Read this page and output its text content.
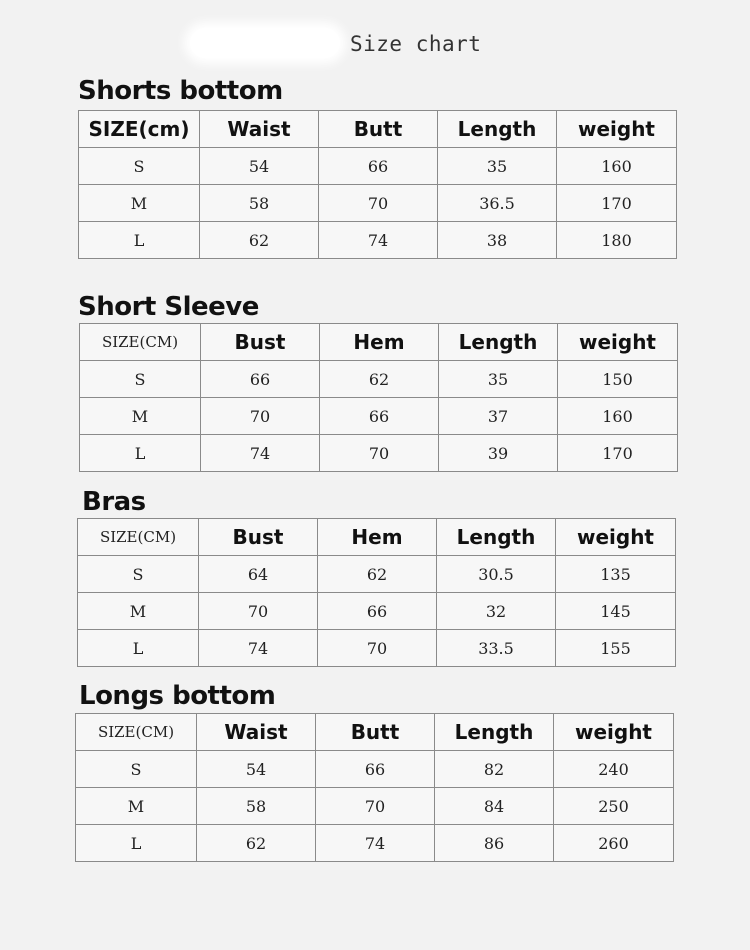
Size chart
Shorts bottom
SIZE(cm)	Waist	Butt	Length	weight
S	54	66	35	160
M	58	70	36.5	170
L	62	74	38	180
Short Sleeve
SIZE(CM)	Bust	Hem	Length	weight
S	66	62	35	150
M	70	66	37	160
L	74	70	39	170
Bras
SIZE(CM)	Bust	Hem	Length	weight
S	64	62	30.5	135
M	70	66	32	145
L	74	70	33.5	155
Longs bottom
SIZE(CM)	Waist	Butt	Length	weight
S	54	66	82	240
M	58	70	84	250
L	62	74	86	260
